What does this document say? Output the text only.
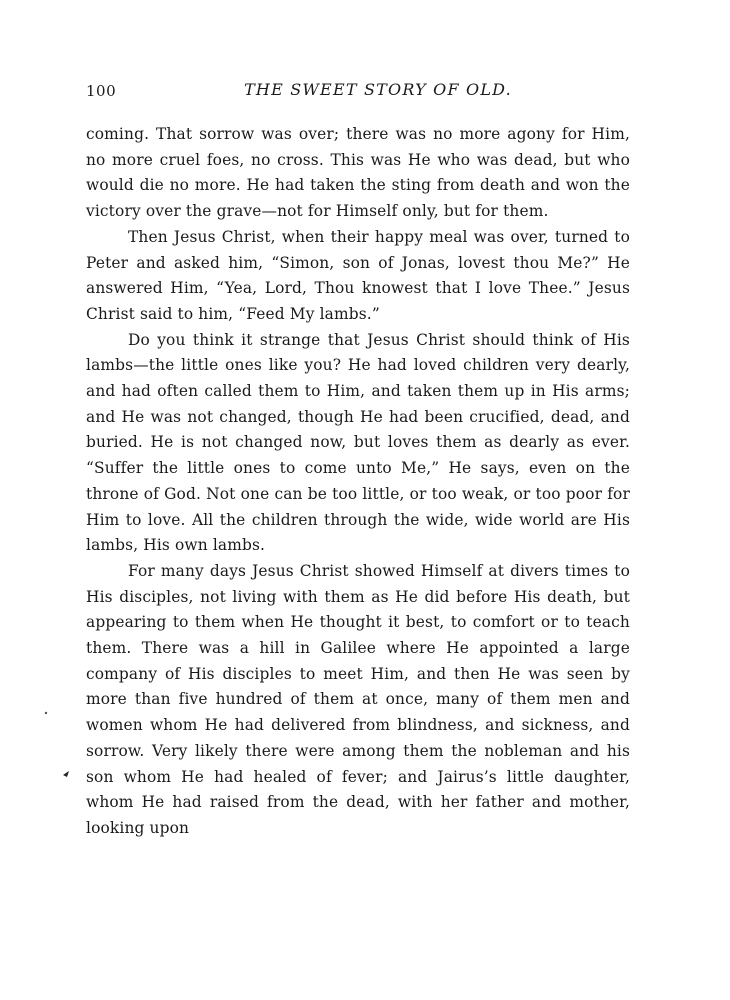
100	THE SWEET STORY OF OLD.

coming. That sorrow was over; there was no more agony for Him, no more cruel foes, no cross. This was He who was dead, but who would die no more. He had taken the sting from death and won the victory over the grave—not for Himself only, but for them.

Then Jesus Christ, when their happy meal was over, turned to Peter and asked him, “Simon, son of Jonas, lovest thou Me?” He answered Him, “Yea, Lord, Thou knowest that I love Thee.” Jesus Christ said to him, “Feed My lambs.”

Do you think it strange that Jesus Christ should think of His lambs—the little ones like you? He had loved children very dearly, and had often called them to Him, and taken them up in His arms; and He was not changed, though He had been crucified, dead, and buried. He is not changed now, but loves them as dearly as ever. “Suffer the little ones to come unto Me,” He says, even on the throne of God. Not one can be too little, or too weak, or too poor for Him to love. All the children through the wide, wide world are His lambs, His own lambs.

For many days Jesus Christ showed Himself at divers times to His disciples, not living with them as He did before His death, but appearing to them when He thought it best, to comfort or to teach them. There was a hill in Galilee where He appointed a large company of His disciples to meet Him, and then He was seen by more than five hundred of them at once, many of them men and women whom He had delivered from blindness, and sickness, and sorrow. Very likely there were among them the nobleman and his son whom He had healed of fever; and Jairus’s little daughter, whom He had raised from the dead, with her father and mother, looking upon
